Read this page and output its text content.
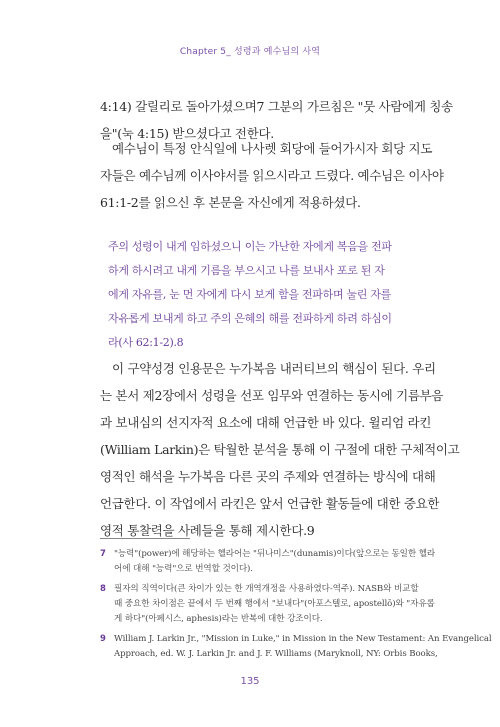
Chapter 5_ 성령과 예수님의 사역
4:14) 갈릴리로 돌아가셨으며7 그분의 가르침은 "뭇 사람에게 칭송
을"(눅 4:15) 받으셨다고 전한다.
예수님이 특정 안식일에 나사렛 회당에 들어가시자 회당 지도
자들은 예수님께 이사야서를 읽으시라고 드렸다. 예수님은 이사야
61:1-2를 읽으신 후 본문을 자신에게 적용하셨다.
주의 성령이 내게 임하셨으니 이는 가난한 자에게 복음을 전파
하게 하시려고 내게 기름을 부으시고 나를 보내사 포로 된 자
에게 자유를, 눈 먼 자에게 다시 보게 함을 전파하며 눌린 자를
자유롭게 보내게 하고 주의 은혜의 해를 전파하게 하려 하심이
라(사 62:1-2).8
이 구약성경 인용문은 누가복음 내러티브의 핵심이 된다. 우리
는 본서 제2장에서 성령을 선포 임무와 연결하는 동시에 기름부음
과 보내심의 선지자적 요소에 대해 언급한 바 있다. 윌리엄 라킨
(William Larkin)은 탁월한 분석을 통해 이 구절에 대한 구체적이고
영적인 해석을 누가복음 다른 곳의 주제와 연결하는 방식에 대해
언급한다. 이 작업에서 라킨은 앞서 언급한 활동들에 대한 중요한
영적 통찰력을 사례들을 통해 제시한다.9
7 "능력"(power)에 해당하는 헬라어는 "뒤나미스"(dunamis)이다(앞으로는 동일한 헬라
어에 대해 "능력"으로 번역할 것이다).
8 필자의 직역이다(큰 차이가 있는 한 개역개정을 사용하였다-역주). NASB와 비교할
때 중요한 차이점은 끝에서 두 번째 행에서 "보내다"(아포스텔로, apostellō)와 "자유롭
게 하다"(아페시스, aphesis)라는 반복에 대한 강조이다.
9 William J. Larkin Jr., "Mission in Luke," in Mission in the New Testament: An Evangelical
Approach, ed. W. J. Larkin Jr. and J. F. Williams (Maryknoll, NY: Orbis Books,
135
